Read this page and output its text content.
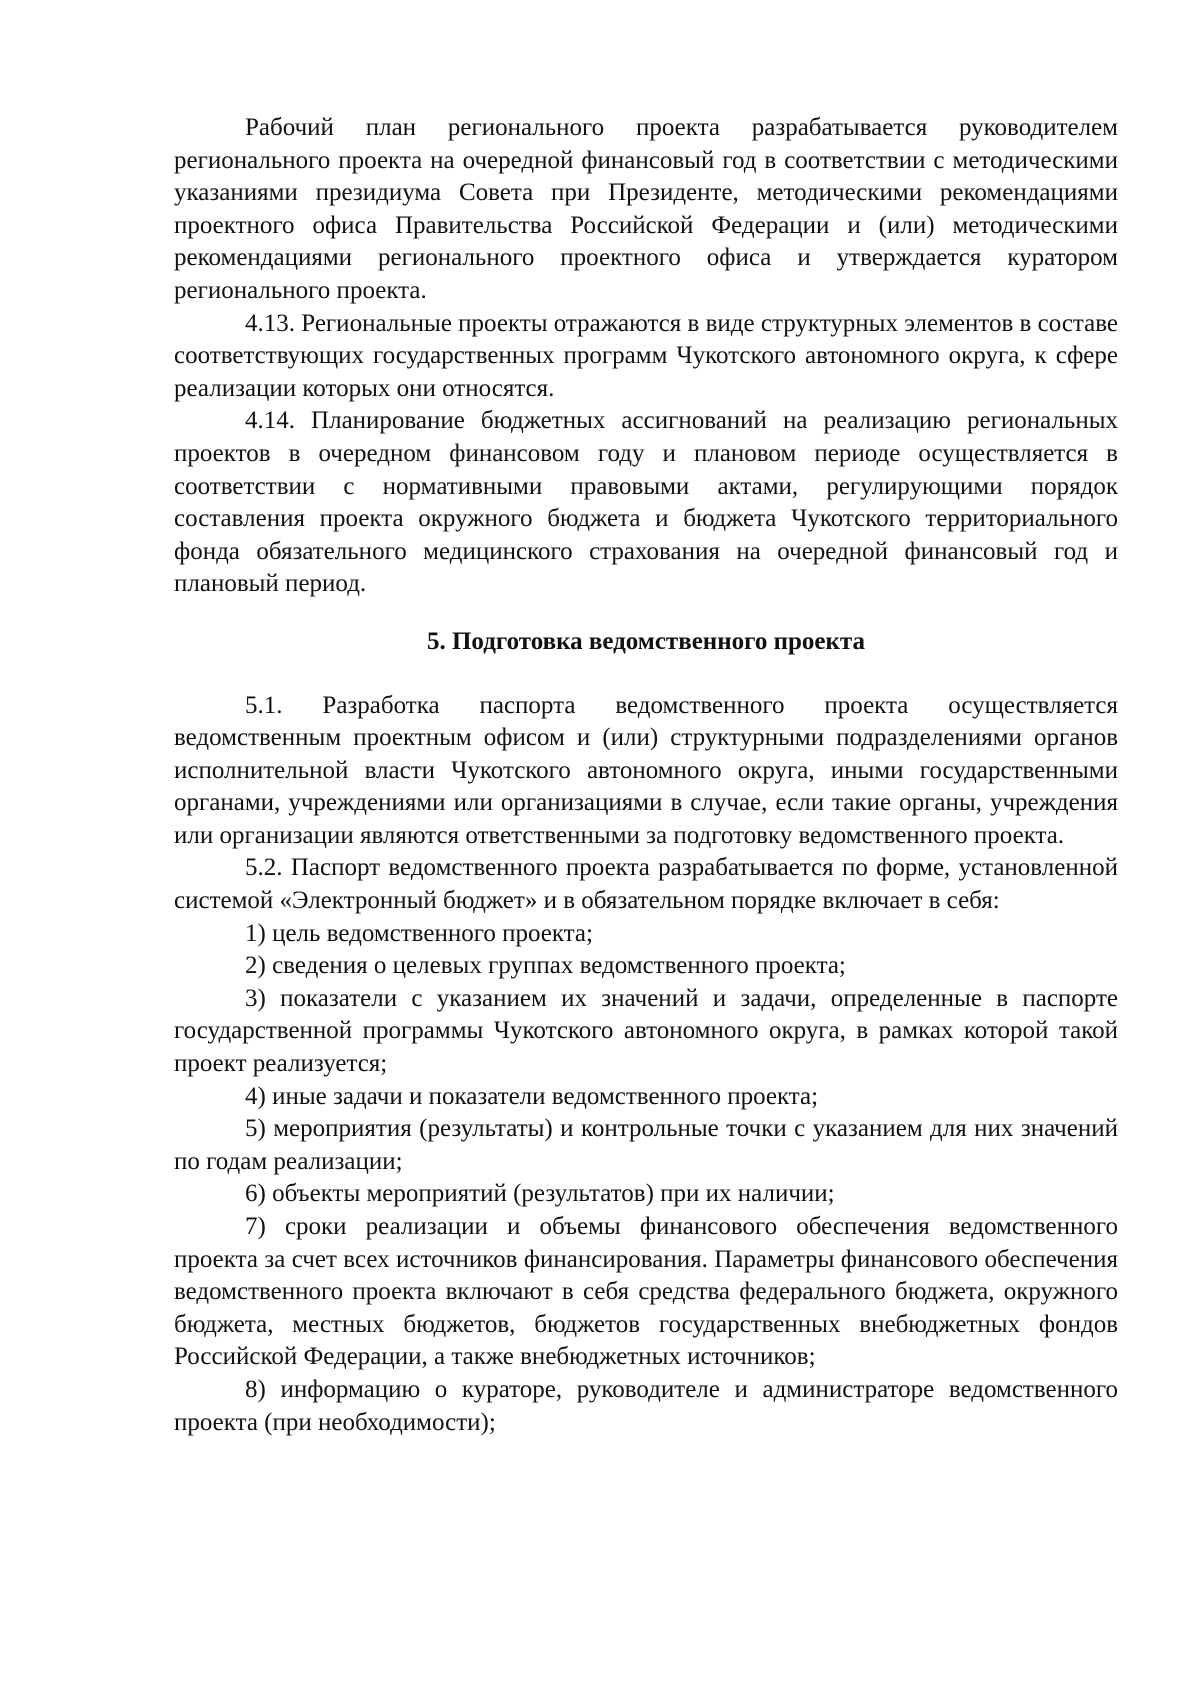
Рабочий план регионального проекта разрабатывается руководителем регионального проекта на очередной финансовый год в соответствии с методическими указаниями президиума Совета при Президенте, методическими рекомендациями проектного офиса Правительства Российской Федерации и (или) методическими рекомендациями регионального проектного офиса и утверждается куратором регионального проекта.

4.13. Региональные проекты отражаются в виде структурных элементов в составе соответствующих государственных программ Чукотского автономного округа, к сфере реализации которых они относятся.

4.14. Планирование бюджетных ассигнований на реализацию региональных проектов в очередном финансовом году и плановом периоде осуществляется в соответствии с нормативными правовыми актами, регулирующими порядок составления проекта окружного бюджета и бюджета Чукотского территориального фонда обязательного медицинского страхования на очередной финансовый год и плановый период.

5. Подготовка ведомственного проекта

5.1. Разработка паспорта ведомственного проекта осуществляется ведомственным проектным офисом и (или) структурными подразделениями органов исполнительной власти Чукотского автономного округа, иными государственными органами, учреждениями или организациями в случае, если такие органы, учреждения или организации являются ответственными за подготовку ведомственного проекта.

5.2. Паспорт ведомственного проекта разрабатывается по форме, установленной системой «Электронный бюджет» и в обязательном порядке включает в себя:

1) цель ведомственного проекта;

2) сведения о целевых группах ведомственного проекта;

3) показатели с указанием их значений и задачи, определенные в паспорте государственной программы Чукотского автономного округа, в рамках которой такой проект реализуется;

4) иные задачи и показатели ведомственного проекта;

5) мероприятия (результаты) и контрольные точки с указанием для них значений по годам реализации;

6) объекты мероприятий (результатов) при их наличии;

7) сроки реализации и объемы финансового обеспечения ведомственного проекта за счет всех источников финансирования. Параметры финансового обеспечения ведомственного проекта включают в себя средства федерального бюджета, окружного бюджета, местных бюджетов, бюджетов государственных внебюджетных фондов Российской Федерации, а также внебюджетных источников;

8) информацию о кураторе, руководителе и администраторе ведомственного проекта (при необходимости);
